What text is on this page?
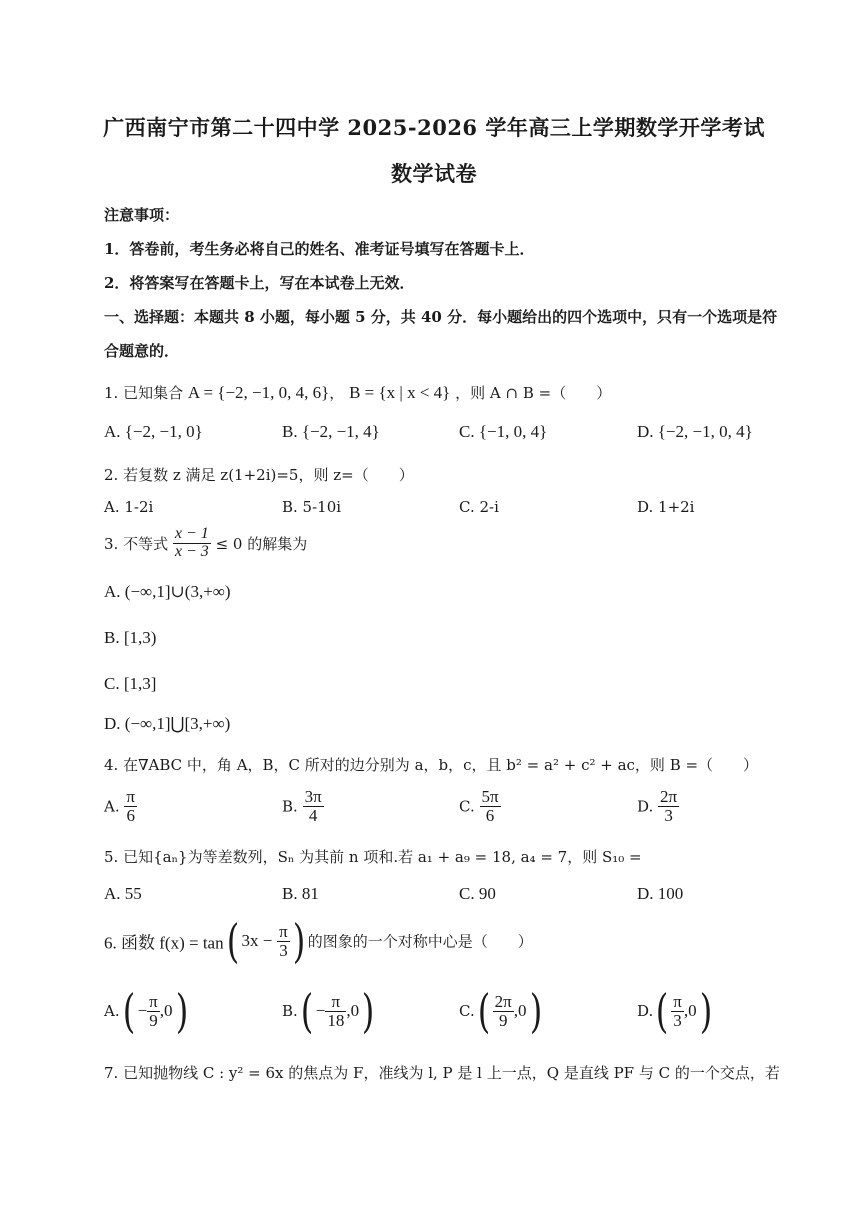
广西南宁市第二十四中学 2025-2026 学年高三上学期数学开学考试
数学试卷
注意事项：
1．答卷前，考生务必将自己的姓名、准考证号填写在答题卡上．
2．将答案写在答题卡上，写在本试卷上无效．
一、选择题：本题共 8 小题，每小题 5 分，共 40 分．每小题给出的四个选项中，只有一个选项是符
合题意的．
1. 已知集合 A = {−2, −1, 0, 4, 6}， B = {x | x < 4} ，则 A ∩ B =（　　）
A. {−2, −1, 0}	B. {−2, −1, 4}	C. {−1, 0, 4}	D. {−2, −1, 0, 4}
2. 若复数 z 满足 z(1+2i)=5，则 z=（　　）
A. 1-2i	B. 5-10i	C. 2-i	D. 1+2i
3. 不等式 $\frac{x - 1}{x - 3} \le 0$ 的解集为
A. (−∞,1]∪(3,+∞)
B. [1,3)
C. [1,3]
D. (−∞,1]⋃[3,+∞)
4. 在∇ABC 中，角 A，B，C 所对的边分别为 a，b，c，且 b² = a² + c² + ac，则 B =（　　）
A. $\frac{\pi}{6}$	B. $\frac{3\pi}{4}$	C. $\frac{5\pi}{6}$	D. $\frac{2\pi}{3}$
5. 已知{aₙ}为等差数列，Sₙ 为其前 n 项和.若 a₁ + a₉ = 18, a₄ = 7，则 S₁₀ =
A. 55	B. 81	C. 90	D. 100
6. 函数 f(x) = tan( $3x - \frac{\pi}{3}$ ) 的图象的一个对称中心是（　　）
$A.( - \frac{\pi}{9} ,0)$	$B.( - \frac{\pi}{18} ,0)$	$C.( \frac{2\pi}{9} ,0)$	$D.( \frac{\pi}{3} ,0)$
7. 已知抛物线 C : y² = 6x 的焦点为 F，准线为 l, P 是 l 上一点，Q 是直线 PF 与 C 的一个交点，若
